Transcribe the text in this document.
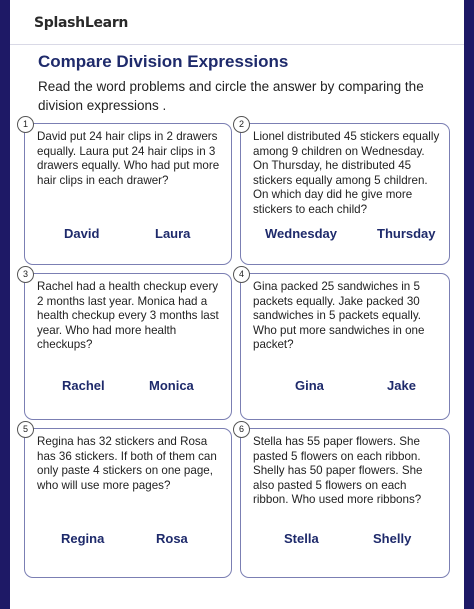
SplashLearn
Compare Division Expressions
Read the word problems and circle the answer by comparing the division expressions .
1
David put 24 hair clips in 2 drawers equally. Laura put 24 hair clips in 3 drawers equally. Who had put more hair clips in each drawer?
David	Laura
2
Lionel distributed 45 stickers equally among 9 children on Wednesday. On Thursday, he distributed 45 stickers equally among 5 children. On which day did he give more stickers to each child?
Wednesday	Thursday
3
Rachel had a health checkup every 2 months last year. Monica had a health checkup every 3 months last year. Who had more health checkups?
Rachel	Monica
4
Gina packed 25 sandwiches in 5 packets equally. Jake packed 30 sandwiches in 5 packets equally. Who put more sandwiches in one packet?
Gina	Jake
5
Regina has 32 stickers and Rosa has 36 stickers. If both of them can only paste 4 stickers on one page, who will use more pages?
Regina	Rosa
6
Stella has 55 paper flowers. She pasted 5 flowers on each ribbon. Shelly has 50 paper flowers. She also pasted 5 flowers on each ribbon. Who used more ribbons?
Stella	Shelly
